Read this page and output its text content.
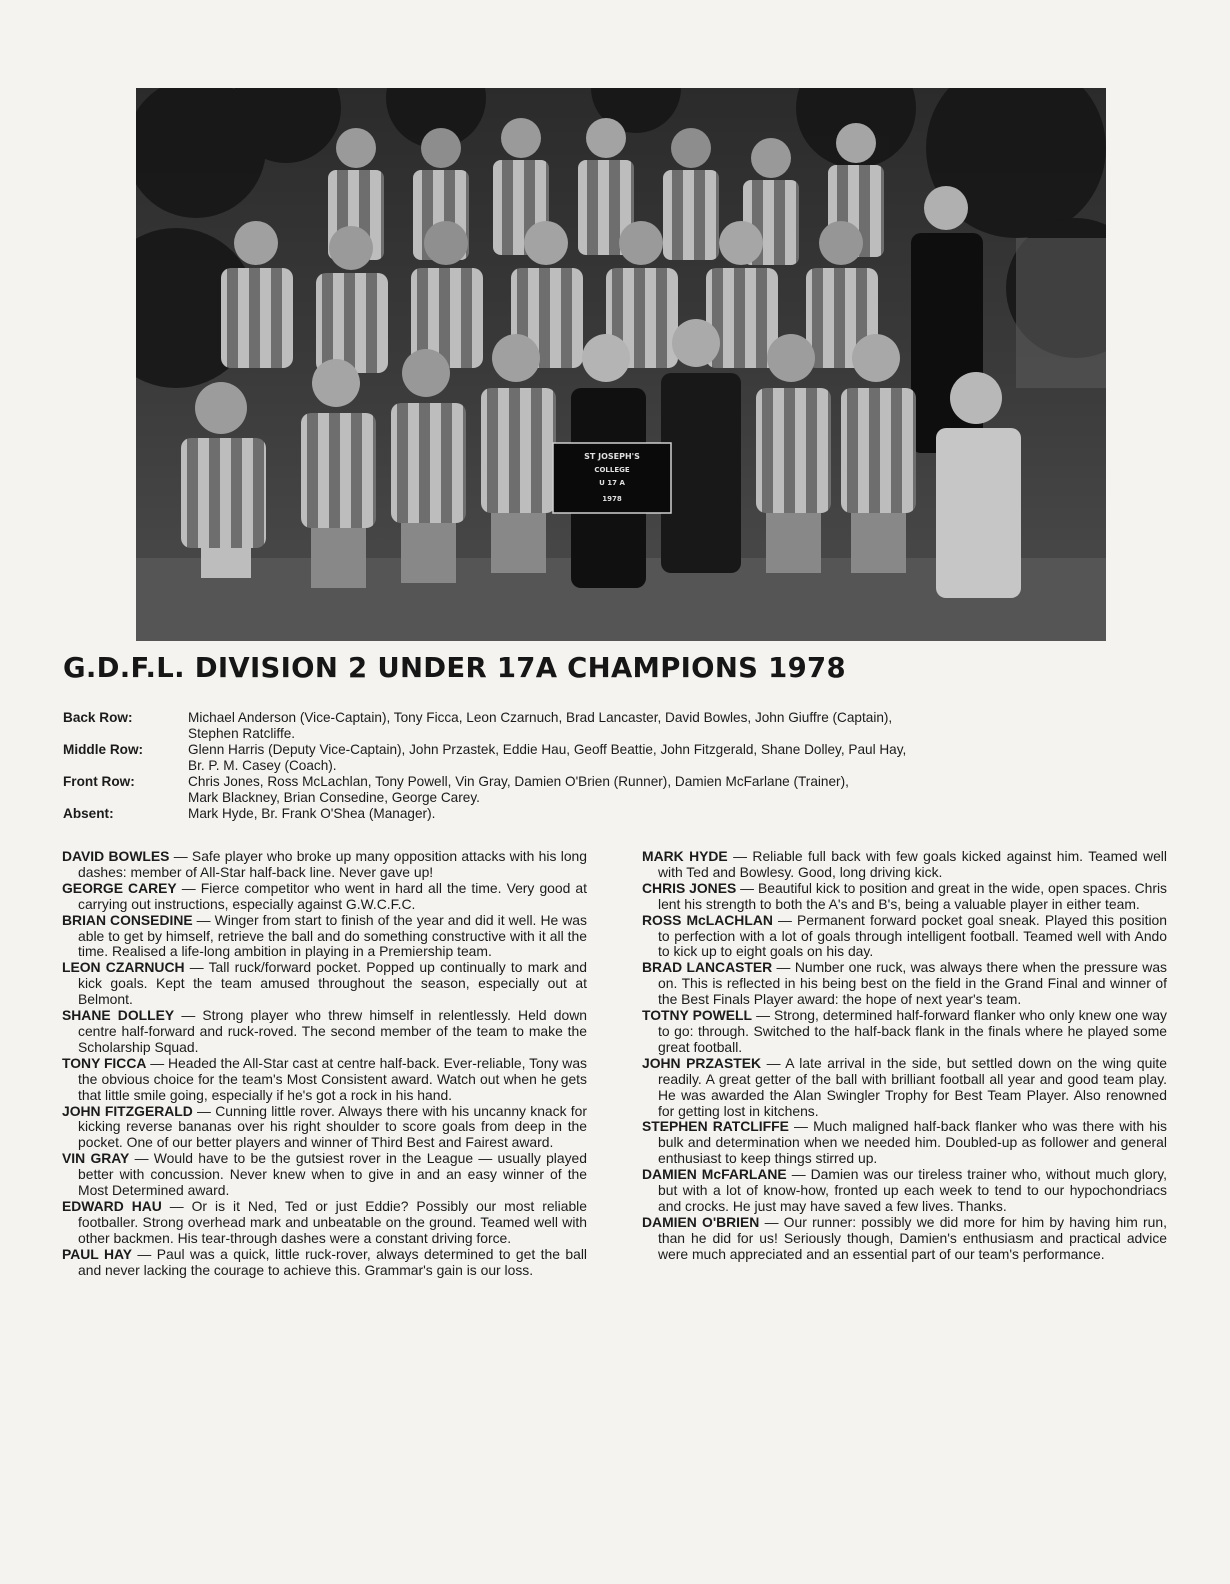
ST JOSEPH'S
COLLEGE
U 17 A
1978
G.D.F.L. DIVISION 2 UNDER 17A CHAMPIONS 1978
Back Row:	Michael Anderson (Vice-Captain), Tony Ficca, Leon Czarnuch, Brad Lancaster, David Bowles, John Giuffre (Captain),
Stephen Ratcliffe.
Middle Row:	Glenn Harris (Deputy Vice-Captain), John Przastek, Eddie Hau, Geoff Beattie, John Fitzgerald, Shane Dolley, Paul Hay,
Br. P. M. Casey (Coach).
Front Row:	Chris Jones, Ross McLachlan, Tony Powell, Vin Gray, Damien O'Brien (Runner), Damien McFarlane (Trainer),
Mark Blackney, Brian Consedine, George Carey.
Absent:	Mark Hyde, Br. Frank O'Shea (Manager).

DAVID BOWLES — Safe player who broke up many opposition attacks with his long dashes: member of All-Star half-back line. Never gave up!

GEORGE CAREY — Fierce competitor who went in hard all the time. Very good at carrying out instructions, especially against G.W.C.F.C.

BRIAN CONSEDINE — Winger from start to finish of the year and did it well. He was able to get by himself, retrieve the ball and do something constructive with it all the time. Realised a life-long ambition in playing in a Premiership team.

LEON CZARNUCH — Tall ruck/forward pocket. Popped up continually to mark and kick goals. Kept the team amused throughout the season, especially out at Belmont.

SHANE DOLLEY — Strong player who threw himself in relentlessly. Held down centre half-forward and ruck-roved. The second member of the team to make the Scholarship Squad.

TONY FICCA — Headed the All-Star cast at centre half-back. Ever-reliable, Tony was the obvious choice for the team's Most Consistent award. Watch out when he gets that little smile going, especially if he's got a rock in his hand.

JOHN FITZGERALD — Cunning little rover. Always there with his uncanny knack for kicking reverse bananas over his right shoulder to score goals from deep in the pocket. One of our better players and winner of Third Best and Fairest award.

VIN GRAY — Would have to be the gutsiest rover in the League — usually played better with concussion. Never knew when to give in and an easy winner of the Most Determined award.

EDWARD HAU — Or is it Ned, Ted or just Eddie? Possibly our most reliable footballer. Strong overhead mark and unbeatable on the ground. Teamed well with other backmen. His tear-through dashes were a constant driving force.

PAUL HAY — Paul was a quick, little ruck-rover, always determined to get the ball and never lacking the courage to achieve this. Grammar's gain is our loss.

MARK HYDE — Reliable full back with few goals kicked against him. Teamed well with Ted and Bowlesy. Good, long driving kick.

CHRIS JONES — Beautiful kick to position and great in the wide, open spaces. Chris lent his strength to both the A's and B's, being a valuable player in either team.

ROSS McLACHLAN — Permanent forward pocket goal sneak. Played this position to perfection with a lot of goals through intelligent football. Teamed well with Ando to kick up to eight goals on his day.

BRAD LANCASTER — Number one ruck, was always there when the pressure was on. This is reflected in his being best on the field in the Grand Final and winner of the Best Finals Player award: the hope of next year's team.

TOTNY POWELL — Strong, determined half-forward flanker who only knew one way to go: through. Switched to the half-back flank in the finals where he played some great football.

JOHN PRZASTEK — A late arrival in the side, but settled down on the wing quite readily. A great getter of the ball with brilliant football all year and good team play. He was awarded the Alan Swingler Trophy for Best Team Player. Also renowned for getting lost in kitchens.

STEPHEN RATCLIFFE — Much maligned half-back flanker who was there with his bulk and determination when we needed him. Doubled-up as follower and general enthusiast to keep things stirred up.

DAMIEN McFARLANE — Damien was our tireless trainer who, without much glory, but with a lot of know-how, fronted up each week to tend to our hypochondriacs and crocks. He just may have saved a few lives. Thanks.

DAMIEN O'BRIEN — Our runner: possibly we did more for him by having him run, than he did for us! Seriously though, Damien's enthusiasm and practical advice were much appreciated and an essential part of our team's performance.
